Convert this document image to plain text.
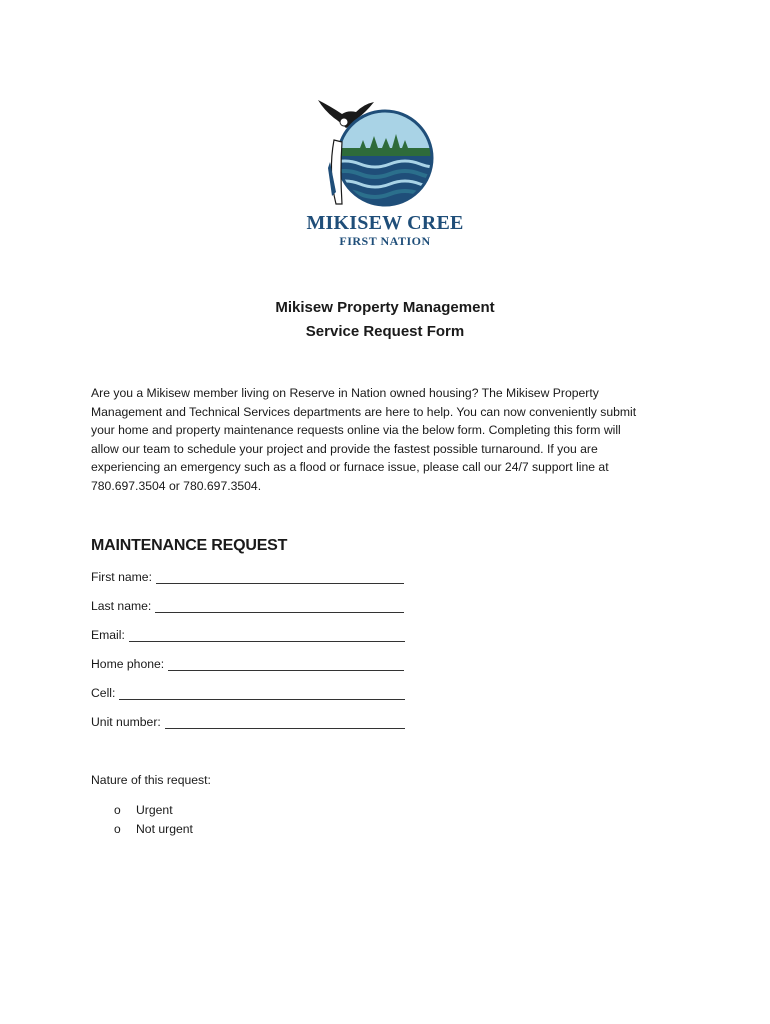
MIKISEW CREE
FIRST NATION
Mikisew Property Management
Service Request Form
Are you a Mikisew member living on Reserve in Nation owned housing? The Mikisew Property
Management and Technical Services departments are here to help. You can now conveniently submit
your home and property maintenance requests online via the below form. Completing this form will
allow our team to schedule your project and provide the fastest possible turnaround. If you are
experiencing an emergency such as a flood or furnace issue, please call our 24/7 support line at
780.697.3504 or 780.697.3504.
MAINTENANCE REQUEST
First name:
Last name:
Email:
Home phone:
Cell:
Unit number:
Nature of this request:
o	Urgent
o	Not urgent
